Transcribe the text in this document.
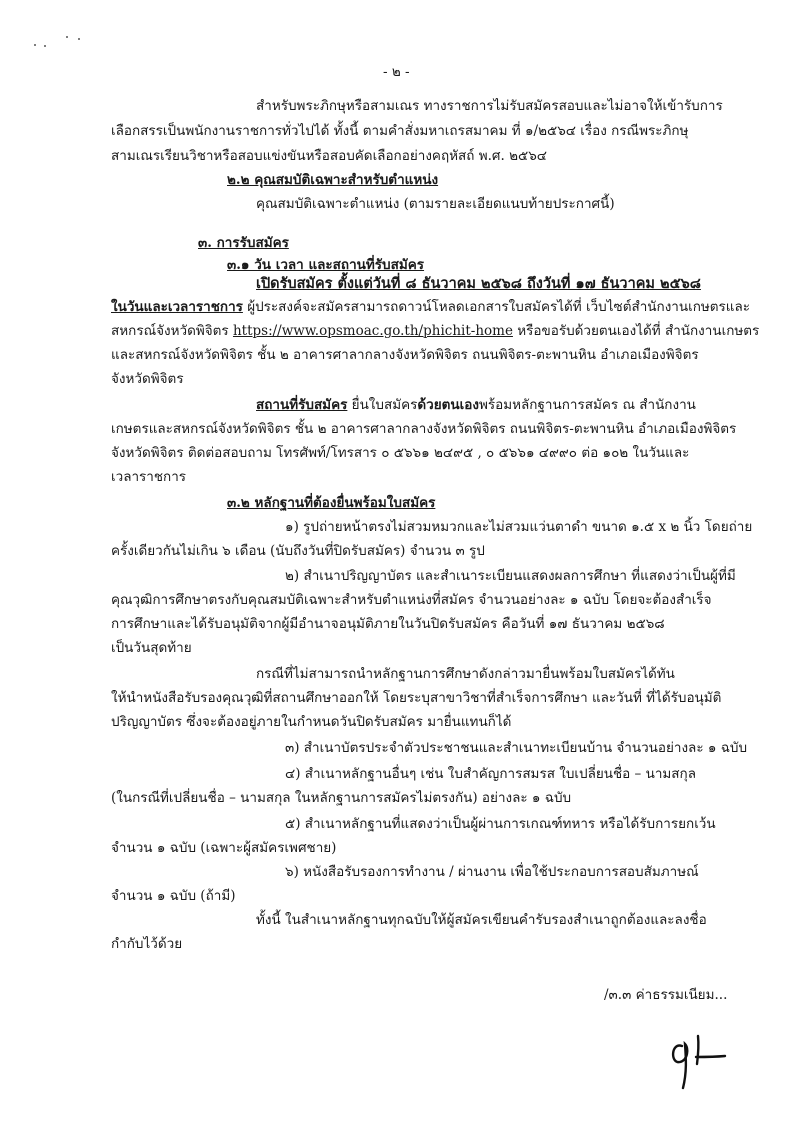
- ๒ -
สำหรับพระภิกษุหรือสามเณร ทางราชการไม่รับสมัครสอบและไม่อาจให้เข้ารับการ
เลือกสรรเป็นพนักงานราชการทั่วไปได้ ทั้งนี้ ตามคำสั่งมหาเถรสมาคม ที่ ๑/๒๕๖๔ เรื่อง กรณีพระภิกษุ
สามเณรเรียนวิชาหรือสอบแข่งขันหรือสอบคัดเลือกอย่างคฤหัสถ์ พ.ศ. ๒๕๖๔
๒.๒ คุณสมบัติเฉพาะสำหรับตำแหน่ง
คุณสมบัติเฉพาะตำแหน่ง (ตามรายละเอียดแนบท้ายประกาศนี้)
๓. การรับสมัคร
๓.๑ วัน เวลา และสถานที่รับสมัคร
เปิดรับสมัคร ตั้งแต่วันที่ ๘ ธันวาคม ๒๕๖๘ ถึงวันที่ ๑๗ ธันวาคม ๒๕๖๘
ในวันและเวลาราชการ ผู้ประสงค์จะสมัครสามารถดาวน์โหลดเอกสารใบสมัครได้ที่ เว็บไซต์สำนักงานเกษตรและ
สหกรณ์จังหวัดพิจิตร https://www.opsmoac.go.th/phichit-home หรือขอรับด้วยตนเองได้ที่ สำนักงานเกษตร
และสหกรณ์จังหวัดพิจิตร ชั้น ๒ อาคารศาลากลางจังหวัดพิจิตร ถนนพิจิตร-ตะพานหิน อำเภอเมืองพิจิตร
จังหวัดพิจิตร
สถานที่รับสมัคร ยื่นใบสมัครด้วยตนเองพร้อมหลักฐานการสมัคร ณ สำนักงาน
เกษตรและสหกรณ์จังหวัดพิจิตร ชั้น ๒ อาคารศาลากลางจังหวัดพิจิตร ถนนพิจิตร-ตะพานหิน อำเภอเมืองพิจิตร
จังหวัดพิจิตร ติดต่อสอบถาม โทรศัพท์/โทรสาร ๐ ๕๖๖๑ ๒๔๙๕ , ๐ ๕๖๖๑ ๔๙๙๐ ต่อ ๑๐๒ ในวันและ
เวลาราชการ
๓.๒ หลักฐานที่ต้องยื่นพร้อมใบสมัคร
๑) รูปถ่ายหน้าตรงไม่สวมหมวกและไม่สวมแว่นตาดำ ขนาด ๑.๕ x ๒ นิ้ว โดยถ่าย
ครั้งเดียวกันไม่เกิน ๖ เดือน (นับถึงวันที่ปิดรับสมัคร) จำนวน ๓ รูป
๒) สำเนาปริญญาบัตร และสำเนาระเบียนแสดงผลการศึกษา ที่แสดงว่าเป็นผู้ที่มี
คุณวุฒิการศึกษาตรงกับคุณสมบัติเฉพาะสำหรับตำแหน่งที่สมัคร จำนวนอย่างละ ๑ ฉบับ โดยจะต้องสำเร็จ
การศึกษาและได้รับอนุมัติจากผู้มีอำนาจอนุมัติภายในวันปิดรับสมัคร คือวันที่ ๑๗ ธันวาคม ๒๕๖๘
เป็นวันสุดท้าย
กรณีที่ไม่สามารถนำหลักฐานการศึกษาดังกล่าวมายื่นพร้อมใบสมัครได้ทัน
ให้นำหนังสือรับรองคุณวุฒิที่สถานศึกษาออกให้ โดยระบุสาขาวิชาที่สำเร็จการศึกษา และวันที่ ที่ได้รับอนุมัติ
ปริญญาบัตร ซึ่งจะต้องอยู่ภายในกำหนดวันปิดรับสมัคร มายื่นแทนก็ได้
๓) สำเนาบัตรประจำตัวประชาชนและสำเนาทะเบียนบ้าน จำนวนอย่างละ ๑ ฉบับ
๔) สำเนาหลักฐานอื่นๆ เช่น ใบสำคัญการสมรส ใบเปลี่ยนชื่อ – นามสกุล
(ในกรณีที่เปลี่ยนชื่อ – นามสกุล ในหลักฐานการสมัครไม่ตรงกัน) อย่างละ ๑ ฉบับ
๕) สำเนาหลักฐานที่แสดงว่าเป็นผู้ผ่านการเกณฑ์ทหาร หรือได้รับการยกเว้น
จำนวน ๑ ฉบับ (เฉพาะผู้สมัครเพศชาย)
๖) หนังสือรับรองการทำงาน / ผ่านงาน เพื่อใช้ประกอบการสอบสัมภาษณ์
จำนวน ๑ ฉบับ (ถ้ามี)
ทั้งนี้ ในสำเนาหลักฐานทุกฉบับให้ผู้สมัครเขียนคำรับรองสำเนาถูกต้องและลงชื่อ
กำกับไว้ด้วย
/๓.๓ ค่าธรรมเนียม...
